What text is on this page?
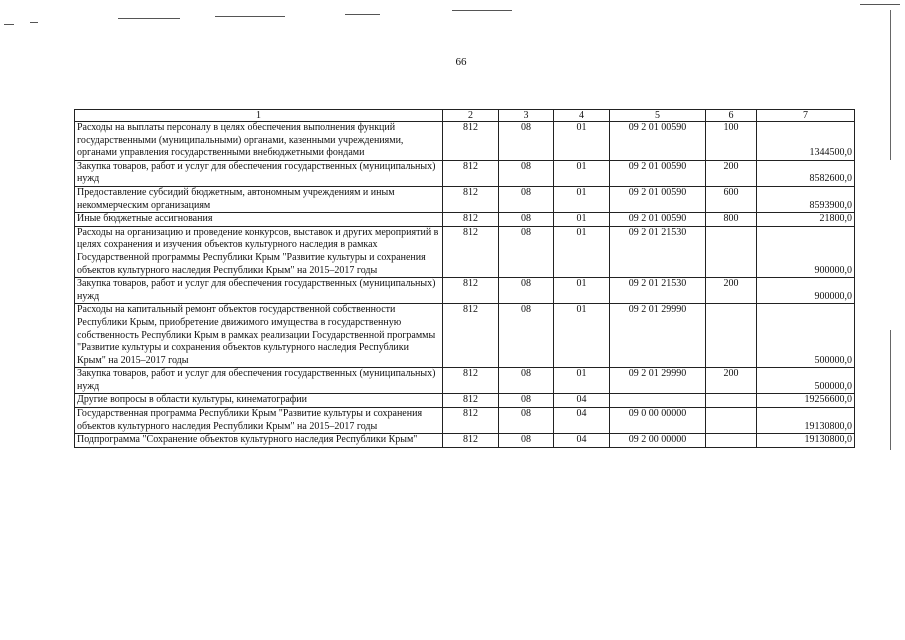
66
1	2	3	4	5	6	7
Расходы на выплаты персоналу в целях обеспечения выполнения функций государственными (муниципальными) органами, казенными учреждениями, органами управления государственными внебюджетными фондами	812	08	01	09 2 01 00590	100	1344500,0
Закупка товаров, работ и услуг для обеспечения государственных (муниципальных) нужд	812	08	01	09 2 01 00590	200	8582600,0
Предоставление субсидий бюджетным, автономным учреждениям и иным некоммерческим организациям	812	08	01	09 2 01 00590	600	8593900,0
Иные бюджетные ассигнования	812	08	01	09 2 01 00590	800	21800,0
Расходы на организацию и проведение конкурсов, выставок и других мероприятий в целях сохранения и изучения объектов культурного наследия в рамках Государственной программы Республики Крым "Развитие культуры и сохранения объектов культурного наследия Республики Крым" на 2015–2017 годы	812	08	01	09 2 01 21530		900000,0
Закупка товаров, работ и услуг для обеспечения государственных (муниципальных) нужд	812	08	01	09 2 01 21530	200	900000,0
Расходы на капитальный ремонт объектов государственной собственности Республики Крым, приобретение движимого имущества в государственную собственность Республики Крым в рамках реализации Государственной программы "Развитие культуры и сохранения объектов культурного наследия Республики Крым" на 2015–2017 годы	812	08	01	09 2 01 29990		500000,0
Закупка товаров, работ и услуг для обеспечения государственных (муниципальных) нужд	812	08	01	09 2 01 29990	200	500000,0
Другие вопросы в области культуры, кинематографии	812	08	04			19256600,0
Государственная программа Республики Крым "Развитие культуры и сохранения объектов культурного наследия Республики Крым" на 2015–2017 годы	812	08	04	09 0 00 00000		19130800,0
Подпрограмма "Сохранение объектов культурного наследия Республики Крым"	812	08	04	09 2 00 00000		19130800,0
